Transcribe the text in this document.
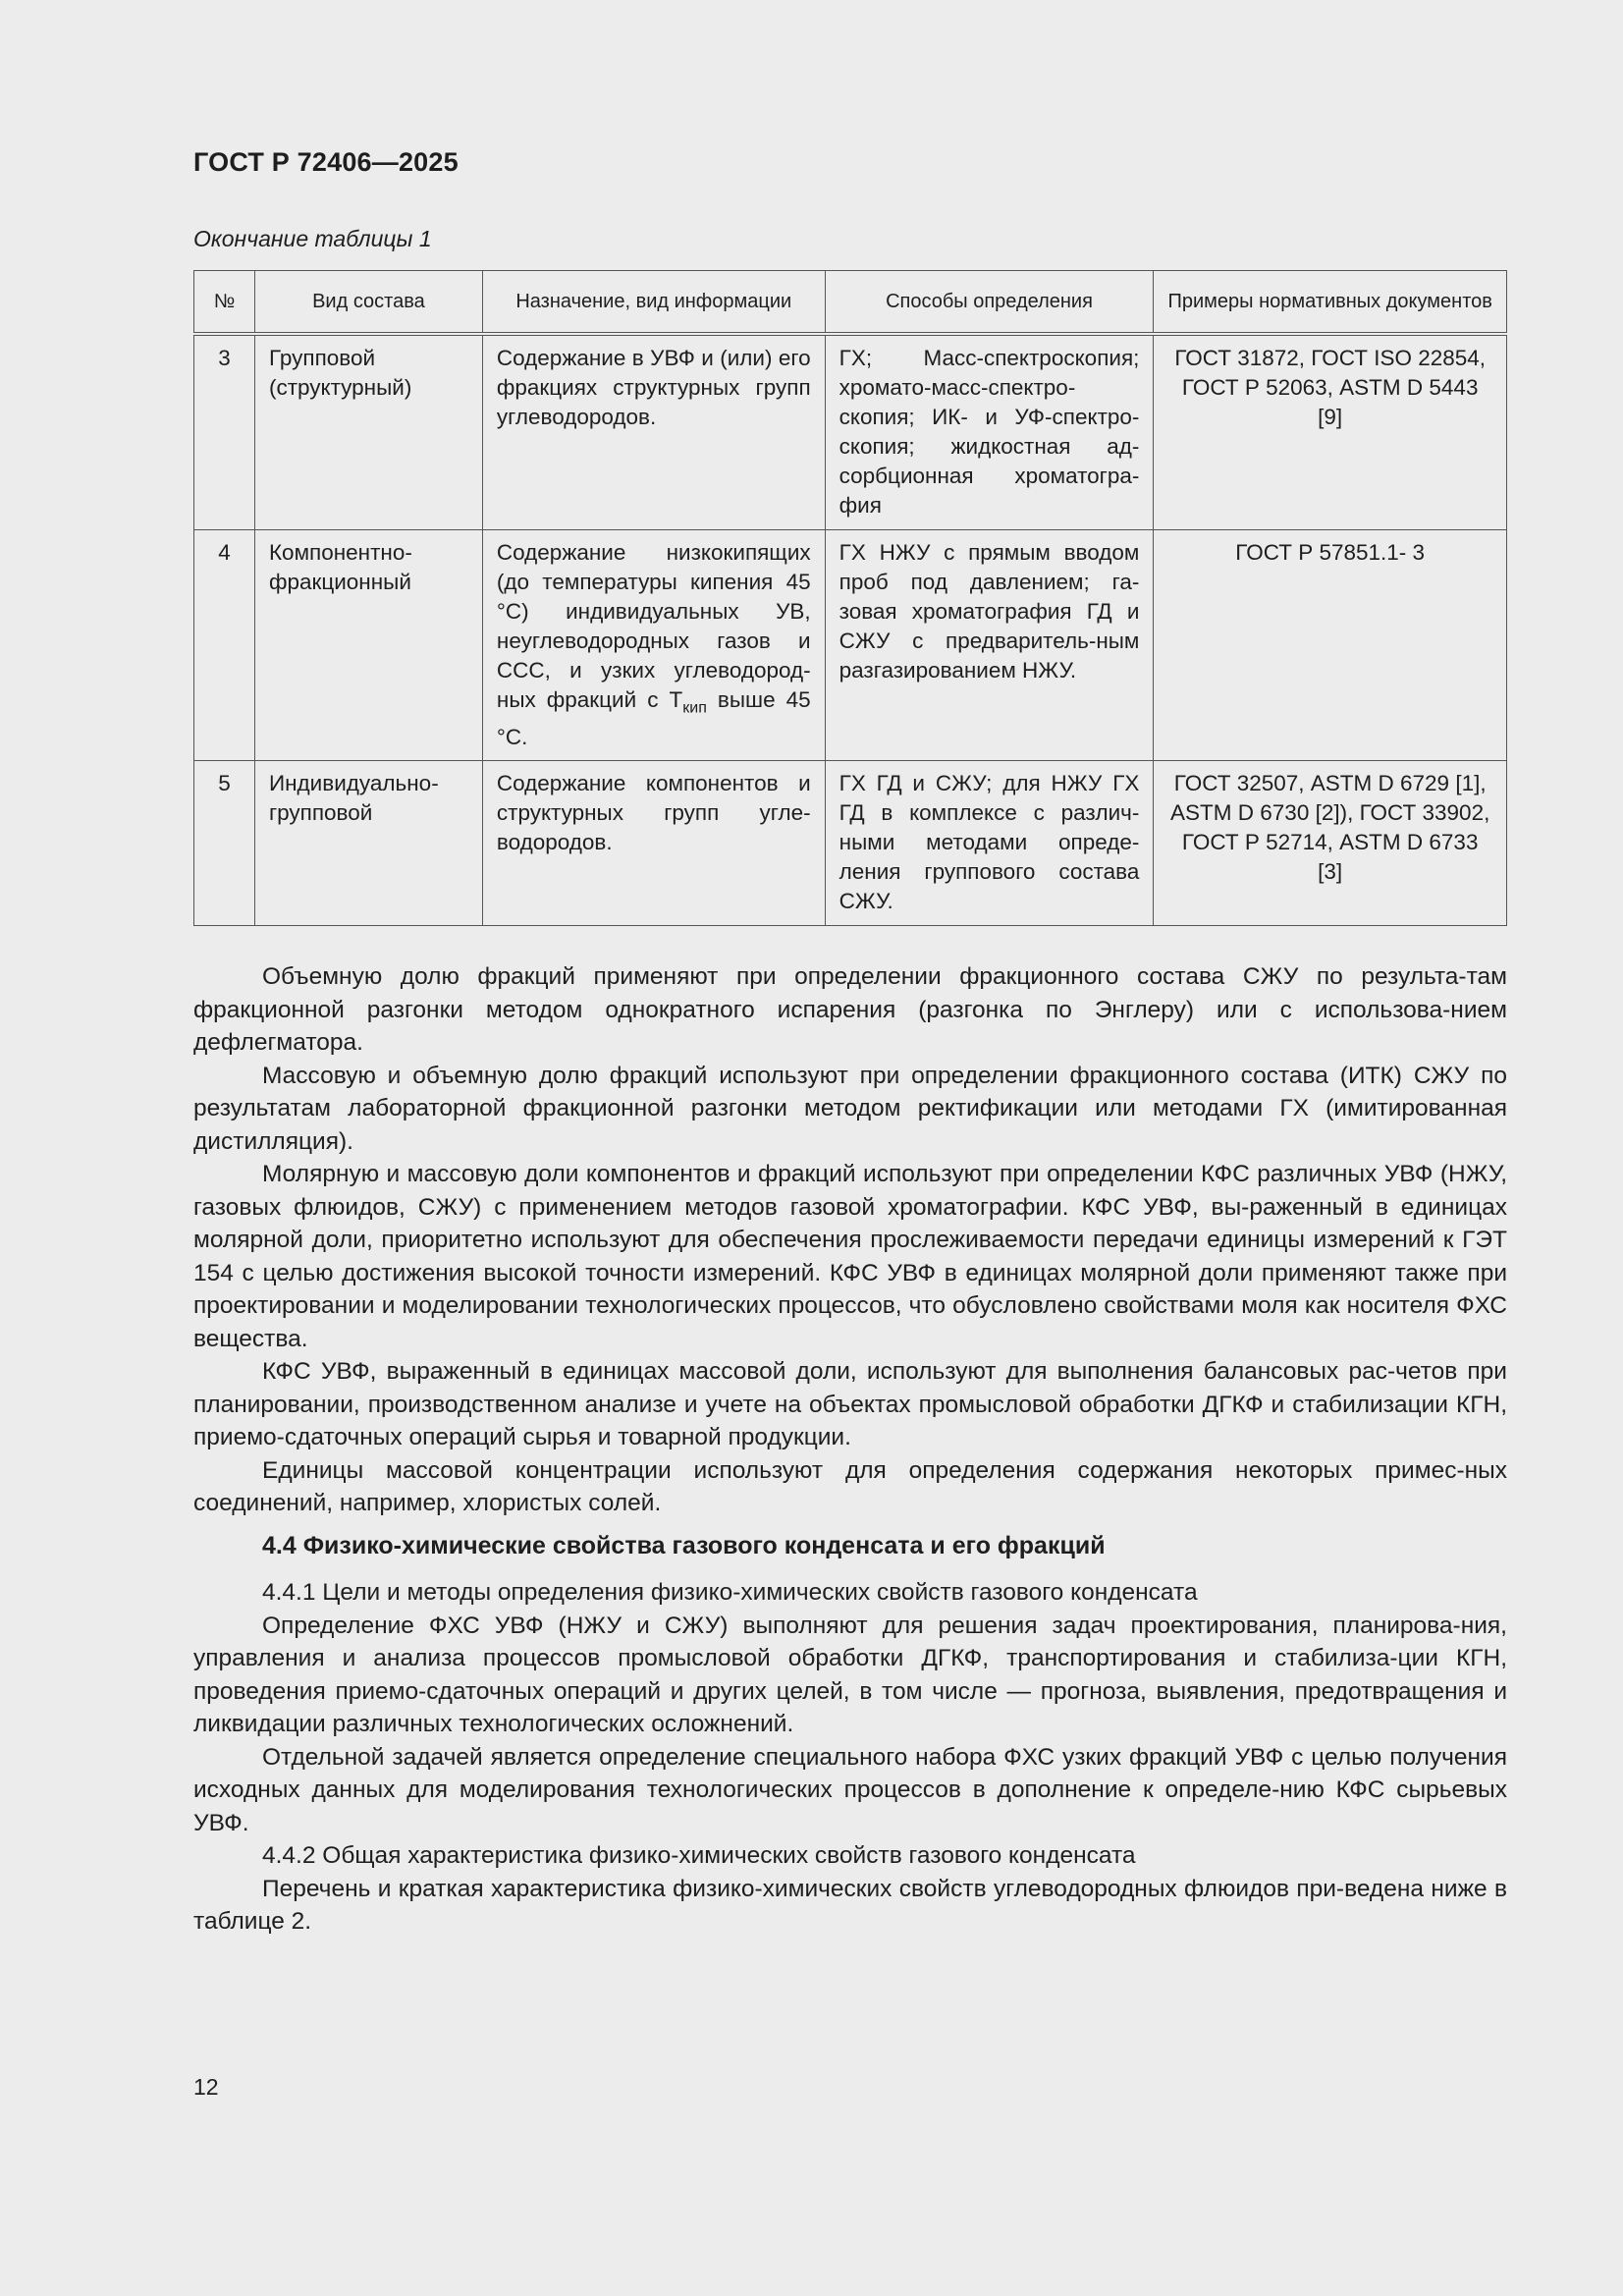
ГОСТ Р 72406—2025
Окончание таблицы 1
№	Вид состава	Назначение, вид информации	Способы определения	Примеры нормативных документов
3	Групповой (структурный)	Содержание в УВФ и (или) его фракциях структурных групп углеводородов.	ГХ; Масс-спектроскопия; хромато-масс-спектро-скопия; ИК- и УФ-спектро-скопия; жидкостная ад-сорбционная хроматогра-фия	ГОСТ 31872, ГОСТ ISO 22854, ГОСТ Р 52063, ASTM D 5443 [9]
4	Компонентно-фракционный	Содержание низкокипящих (до температуры кипения 45 °C) индивидуальных УВ, неуглеводородных газов и ССС, и узких углеводород-ных фракций с $Т_{кип}$ выше 45 °C.	ГХ НЖУ с прямым вводом проб под давлением; га-зовая хроматография ГД и СЖУ с предваритель-ным разгазированием НЖУ.	ГОСТ Р 57851.1- 3
5	Индивидуально-групповой	Содержание компонентов и структурных групп угле-водородов.	ГХ ГД и СЖУ; для НЖУ ГХ ГД в комплексе с различ-ными методами опреде-ления группового состава СЖУ.	ГОСТ 32507, ASTM D 6729 [1], ASTM D 6730 [2]), ГОСТ 33902, ГОСТ Р 52714, ASTM D 6733 [3]

Объемную долю фракций применяют при определении фракционного состава СЖУ по результа-там фракционной разгонки методом однократного испарения (разгонка по Энглеру) или с использова-нием дефлегматора.

Массовую и объемную долю фракций используют при определении фракционного состава (ИТК) СЖУ по результатам лабораторной фракционной разгонки методом ректификации или методами ГХ (имитированная дистилляция).

Молярную и массовую доли компонентов и фракций используют при определении КФС различных УВФ (НЖУ, газовых флюидов, СЖУ) с применением методов газовой хроматографии. КФС УВФ, вы-раженный в единицах молярной доли, приоритетно используют для обеспечения прослеживаемости передачи единицы измерений к ГЭТ 154 с целью достижения высокой точности измерений. КФС УВФ в единицах молярной доли применяют также при проектировании и моделировании технологических процессов, что обусловлено свойствами моля как носителя ФХС вещества.

КФС УВФ, выраженный в единицах массовой доли, используют для выполнения балансовых рас-четов при планировании, производственном анализе и учете на объектах промысловой обработки ДГКФ и стабилизации КГН, приемо-сдаточных операций сырья и товарной продукции.

Единицы массовой концентрации используют для определения содержания некоторых примес-ных соединений, например, хлористых солей.

4.4 Физико-химические свойства газового конденсата и его фракций

4.4.1 Цели и методы определения физико-химических свойств газового конденсата

Определение ФХС УВФ (НЖУ и СЖУ) выполняют для решения задач проектирования, планирова-ния, управления и анализа процессов промысловой обработки ДГКФ, транспортирования и стабилиза-ции КГН, проведения приемо-сдаточных операций и других целей, в том числе — прогноза, выявления, предотвращения и ликвидации различных технологических осложнений.

Отдельной задачей является определение специального набора ФХС узких фракций УВФ с целью получения исходных данных для моделирования технологических процессов в дополнение к определе-нию КФС сырьевых УВФ.

4.4.2 Общая характеристика физико-химических свойств газового конденсата

Перечень и краткая характеристика физико-химических свойств углеводородных флюидов при-ведена ниже в таблице 2.

12
